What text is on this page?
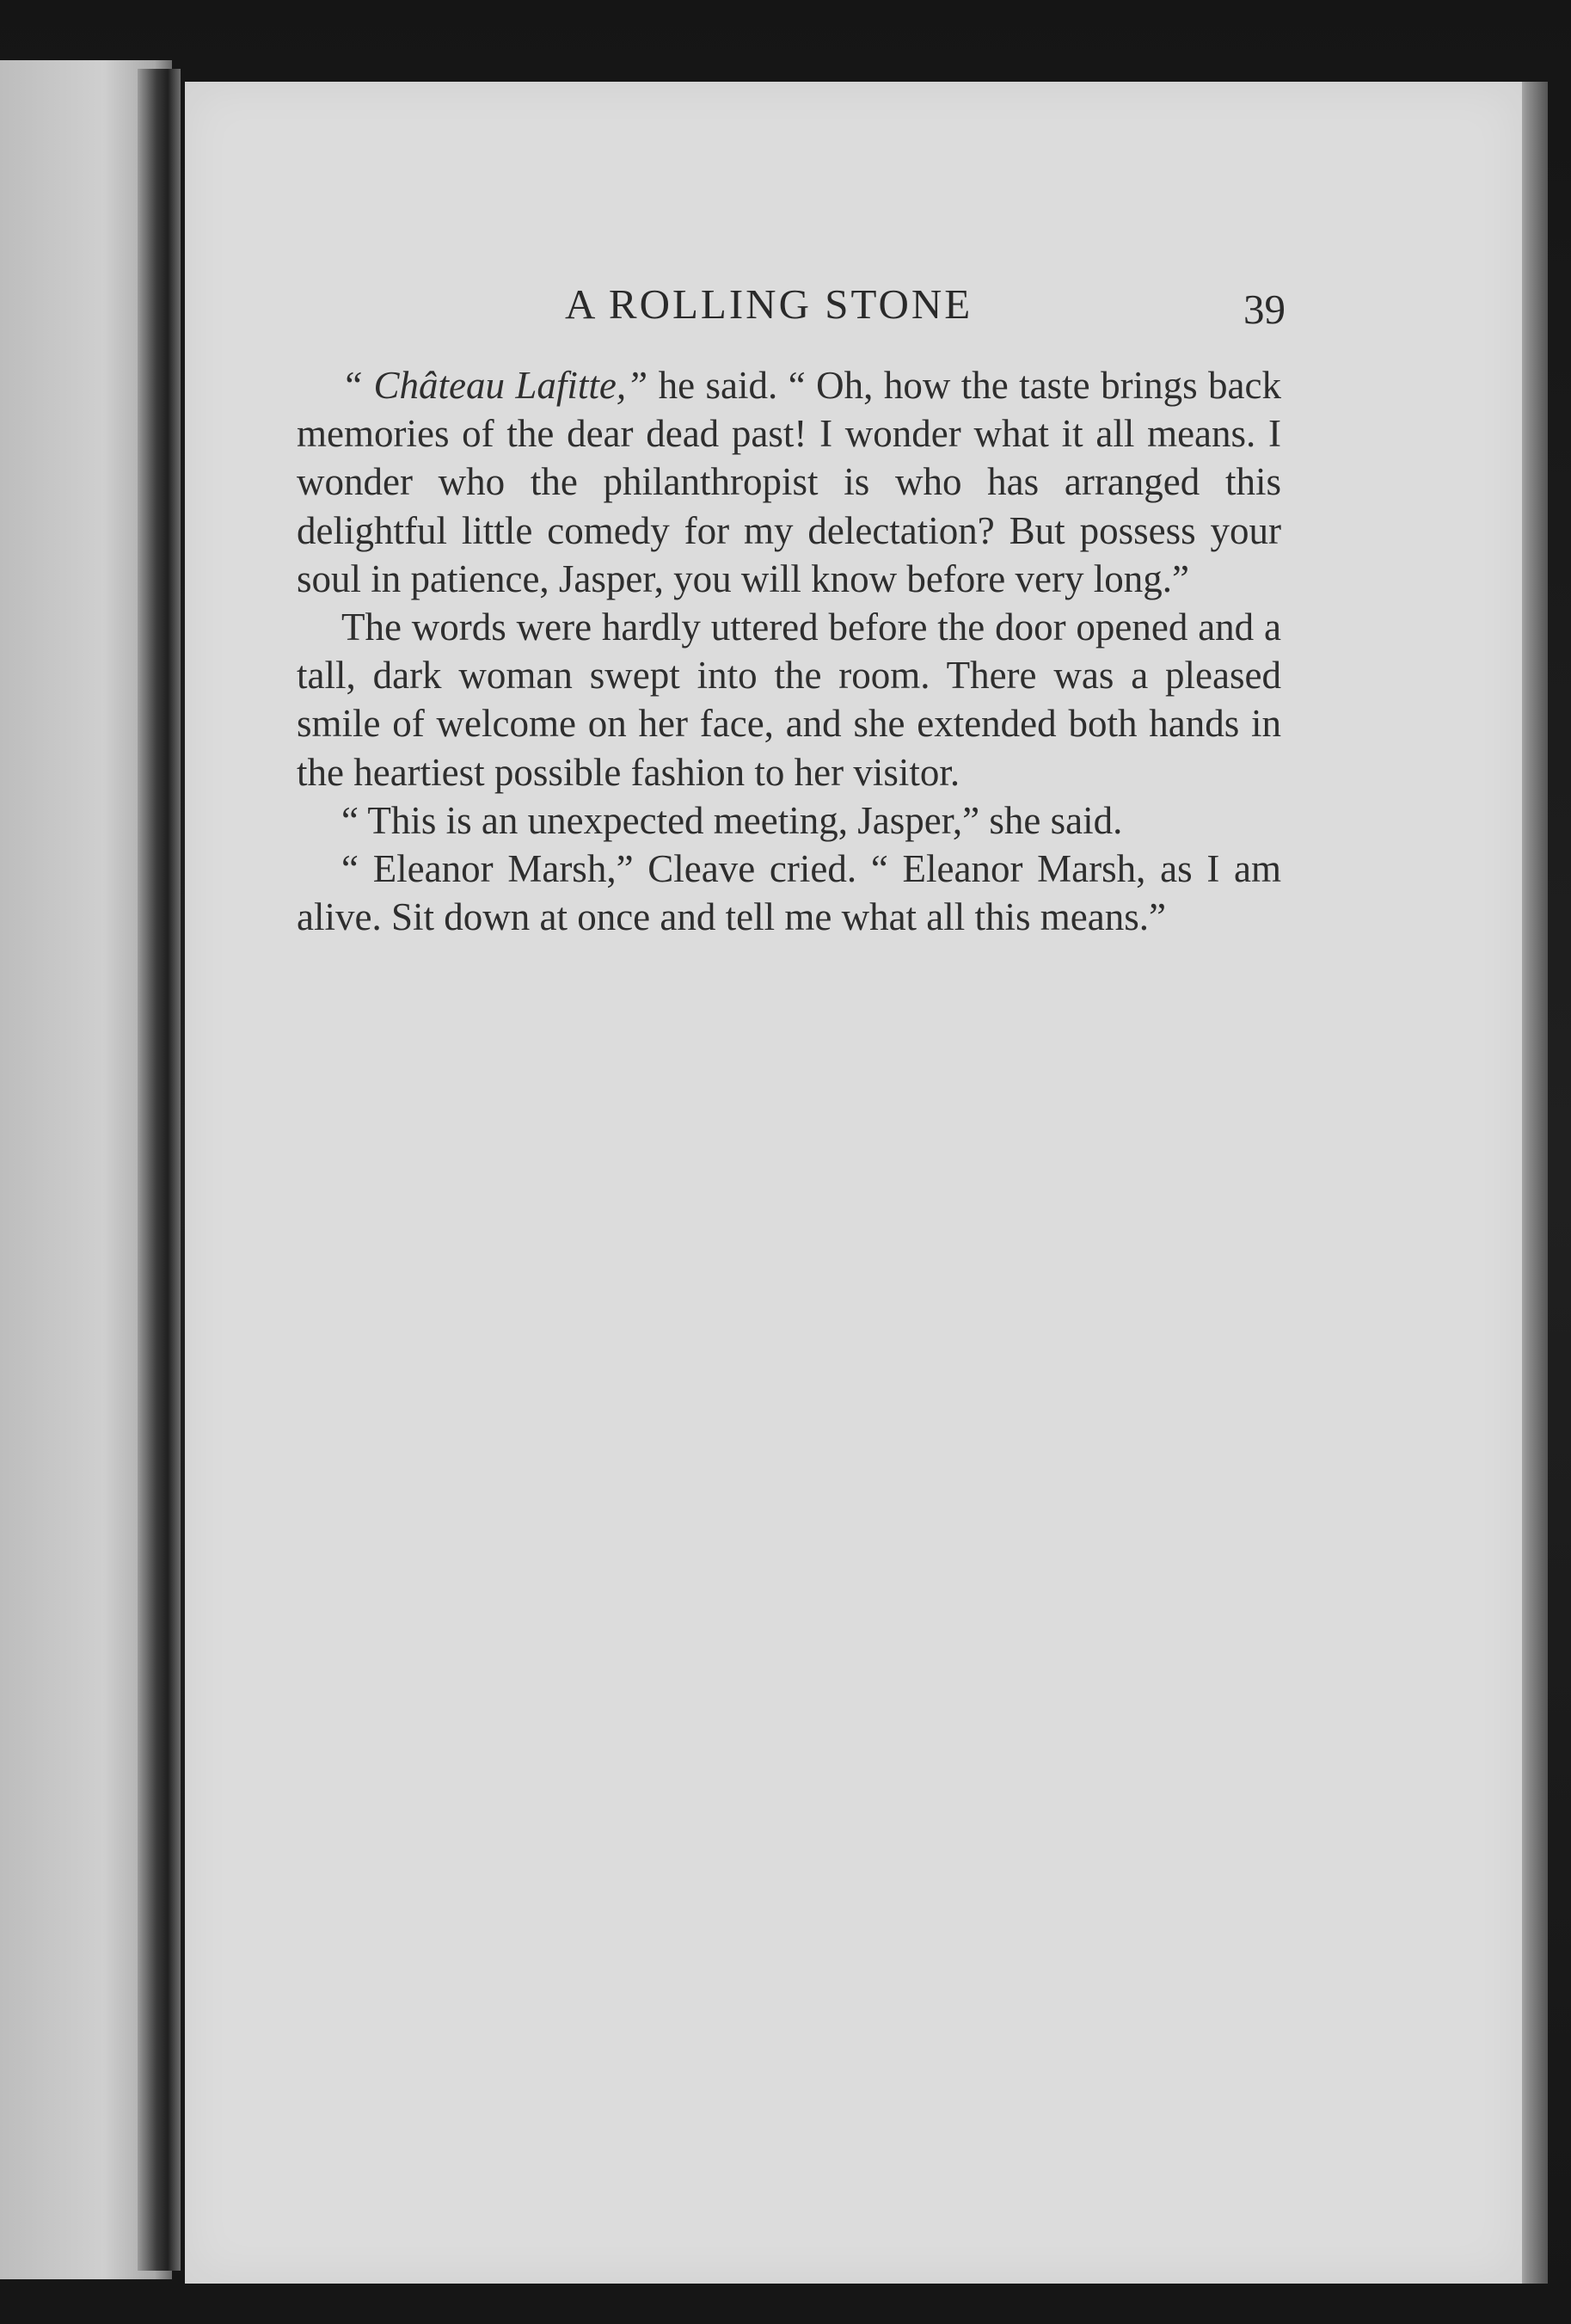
A ROLLING STONE	39

“ Château Lafitte,” he said. “ Oh, how the taste brings back memories of the dear dead past! I wonder what it all means. I wonder who the philanthropist is who has arranged this delightful little comedy for my delectation? But possess your soul in patience, Jasper, you will know before very long.”

The words were hardly uttered before the door opened and a tall, dark woman swept into the room. There was a pleased smile of welcome on her face, and she extended both hands in the heartiest possible fashion to her visitor.

“ This is an unexpected meeting, Jasper,” she said.

“ Eleanor Marsh,” Cleave cried. “ Eleanor Marsh, as I am alive. Sit down at once and tell me what all this means.”
